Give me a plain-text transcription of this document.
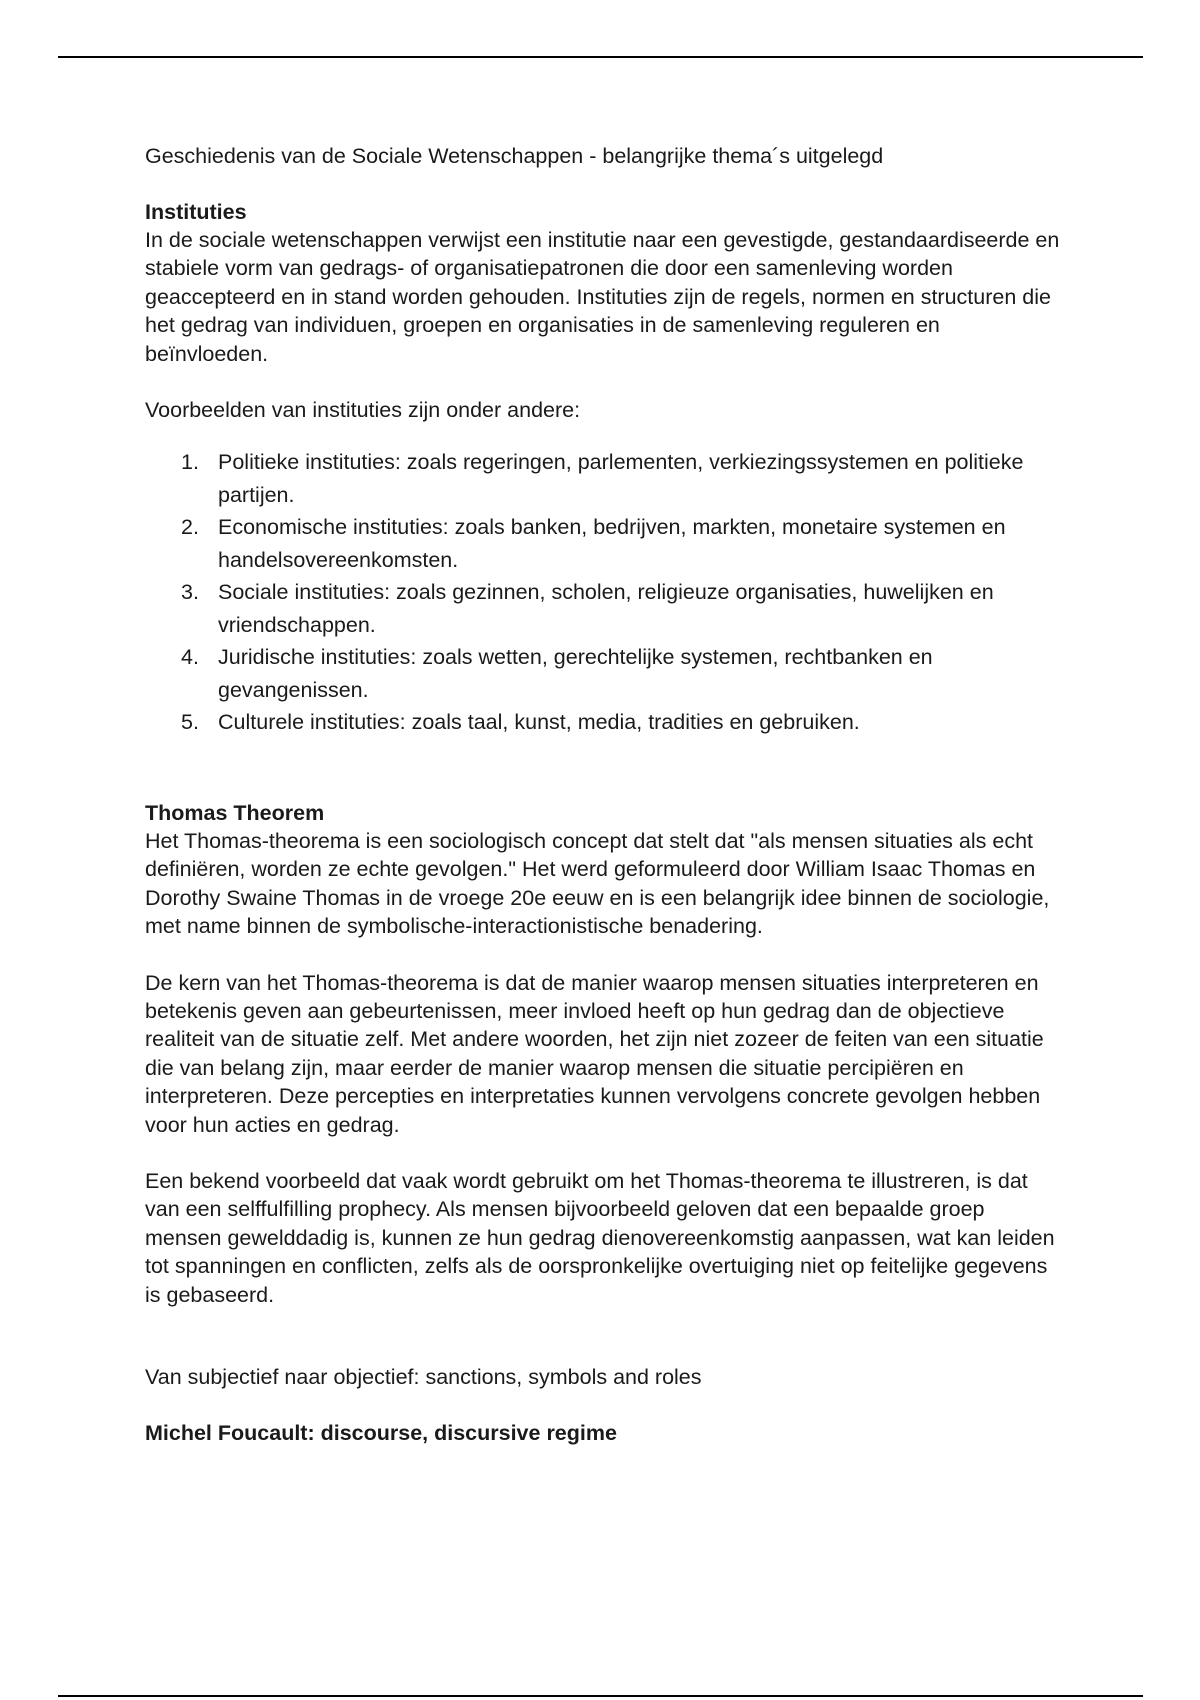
Geschiedenis van de Sociale Wetenschappen - belangrijke thema´s uitgelegd

Instituties

In de sociale wetenschappen verwijst een institutie naar een gevestigde, gestandaardiseerde en stabiele vorm van gedrags- of organisatiepatronen die door een samenleving worden geaccepteerd en in stand worden gehouden. Instituties zijn de regels, normen en structuren die het gedrag van individuen, groepen en organisaties in de samenleving reguleren en beïnvloeden.

Voorbeelden van instituties zijn onder andere:

1. Politieke instituties: zoals regeringen, parlementen, verkiezingssystemen en politieke partijen.
2. Economische instituties: zoals banken, bedrijven, markten, monetaire systemen en handelsovereenkomsten.
3. Sociale instituties: zoals gezinnen, scholen, religieuze organisaties, huwelijken en vriendschappen.
4. Juridische instituties: zoals wetten, gerechtelijke systemen, rechtbanken en gevangenissen.
5. Culturele instituties: zoals taal, kunst, media, tradities en gebruiken.

Thomas Theorem

Het Thomas-theorema is een sociologisch concept dat stelt dat "als mensen situaties als echt definiëren, worden ze echte gevolgen." Het werd geformuleerd door William Isaac Thomas en Dorothy Swaine Thomas in de vroege 20e eeuw en is een belangrijk idee binnen de sociologie, met name binnen de symbolische-interactionistische benadering.

De kern van het Thomas-theorema is dat de manier waarop mensen situaties interpreteren en betekenis geven aan gebeurtenissen, meer invloed heeft op hun gedrag dan de objectieve realiteit van de situatie zelf. Met andere woorden, het zijn niet zozeer de feiten van een situatie die van belang zijn, maar eerder de manier waarop mensen die situatie percipiëren en interpreteren. Deze percepties en interpretaties kunnen vervolgens concrete gevolgen hebben voor hun acties en gedrag.

Een bekend voorbeeld dat vaak wordt gebruikt om het Thomas-theorema te illustreren, is dat van een selffulfilling prophecy. Als mensen bijvoorbeeld geloven dat een bepaalde groep mensen gewelddadig is, kunnen ze hun gedrag dienovereenkomstig aanpassen, wat kan leiden tot spanningen en conflicten, zelfs als de oorspronkelijke overtuiging niet op feitelijke gegevens is gebaseerd.

Van subjectief naar objectief: sanctions, symbols and roles

Michel Foucault: discourse, discursive regime
